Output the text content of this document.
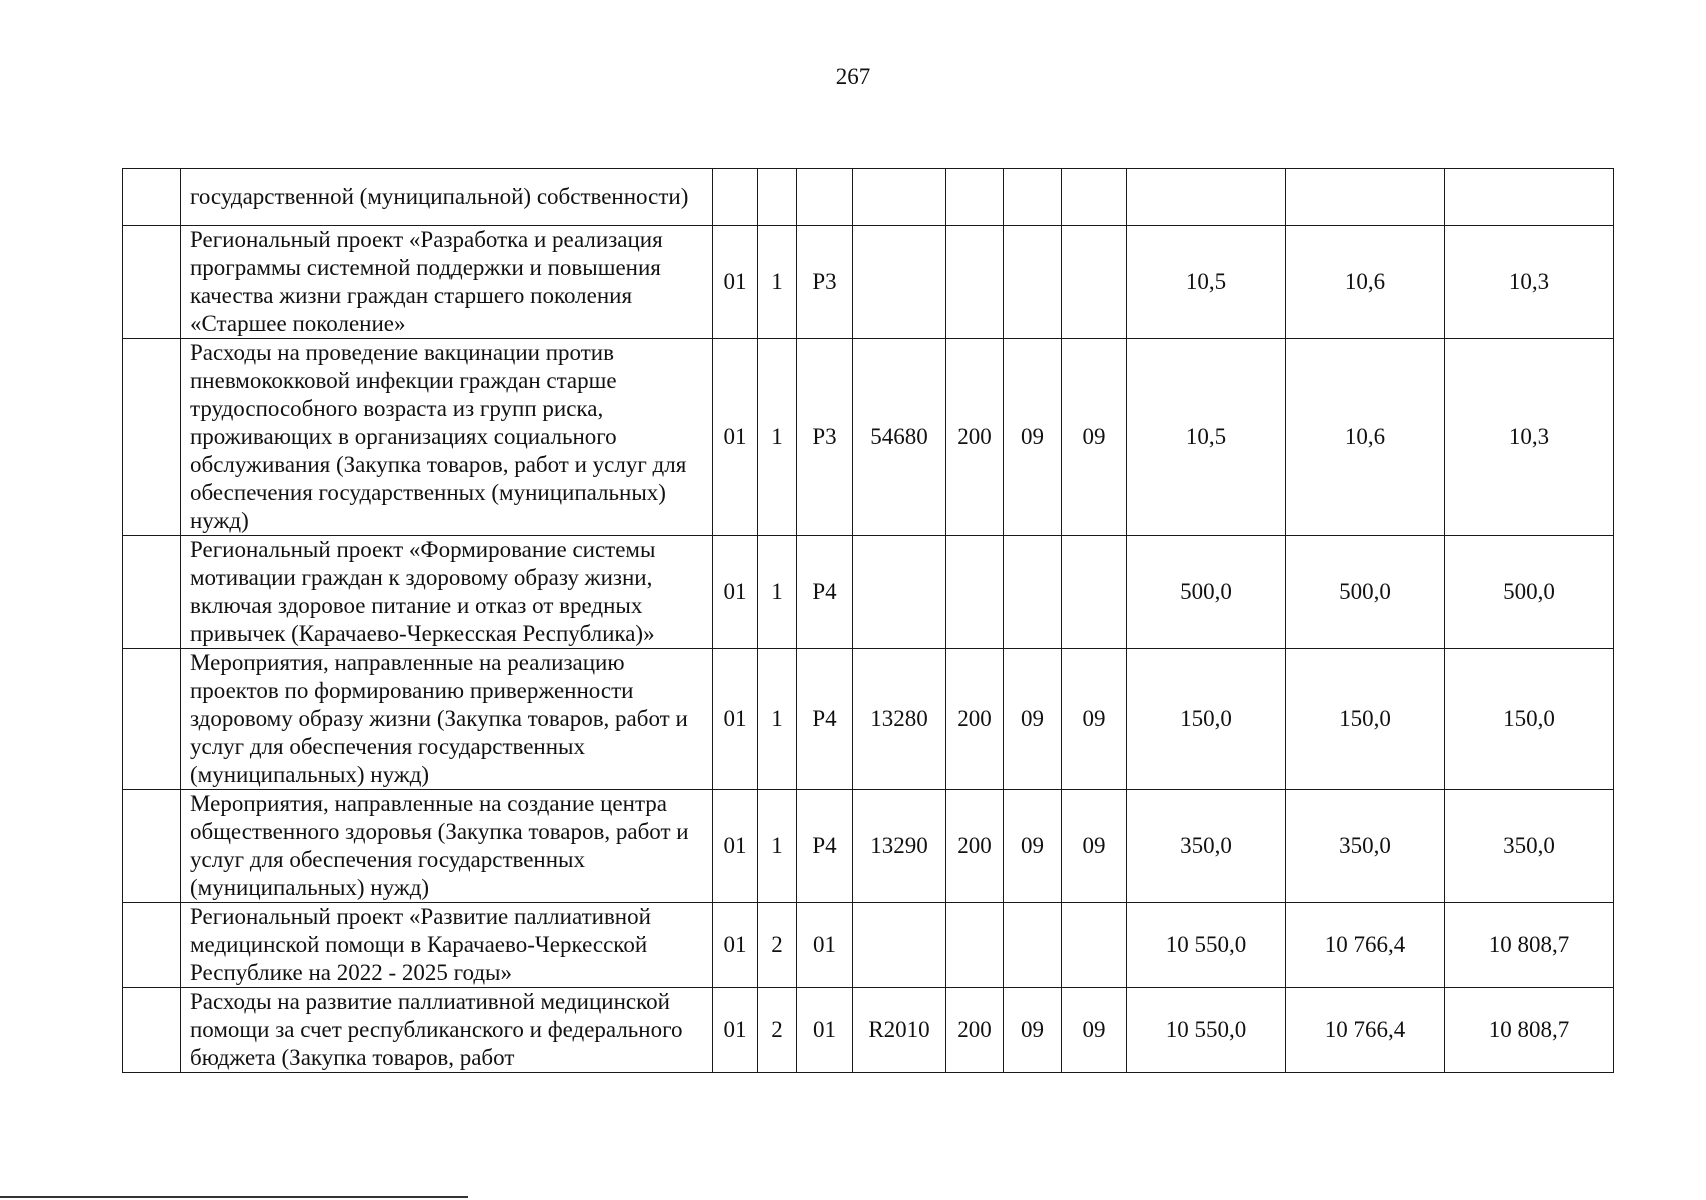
267
	государственной (муниципальной) собственности)										
	Региональный проект «Разработка и реализация программы системной поддержки и повышения качества жизни граждан старшего поколения «Старшее поколение»	01	1	P3					10,5	10,6	10,3
	Расходы на проведение вакцинации против пневмококковой инфекции граждан старше трудоспособного возраста из групп риска, проживающих в организациях социального обслуживания (Закупка товаров, работ и услуг для обеспечения государственных (муниципальных) нужд)	01	1	P3	54680	200	09	09	10,5	10,6	10,3
	Региональный проект «Формирование системы мотивации граждан к здоровому образу жизни, включая здоровое питание и отказ от вредных привычек (Карачаево-Черкесская Республика)»	01	1	P4					500,0	500,0	500,0
	Мероприятия, направленные на реализацию проектов по формированию приверженности здоровому образу жизни (Закупка товаров, работ и услуг для обеспечения государственных (муниципальных) нужд)	01	1	P4	13280	200	09	09	150,0	150,0	150,0
	Мероприятия, направленные на создание центра общественного здоровья (Закупка товаров, работ и услуг для обеспечения государственных (муниципальных) нужд)	01	1	P4	13290	200	09	09	350,0	350,0	350,0
	Региональный проект «Развитие паллиативной медицинской помощи в Карачаево-Черкесской Республике на 2022 - 2025 годы»	01	2	01					10 550,0	10 766,4	10 808,7
	Расходы на развитие паллиативной медицинской помощи за счет республиканского и федерального бюджета (Закупка товаров, работ	01	2	01	R2010	200	09	09	10 550,0	10 766,4	10 808,7
